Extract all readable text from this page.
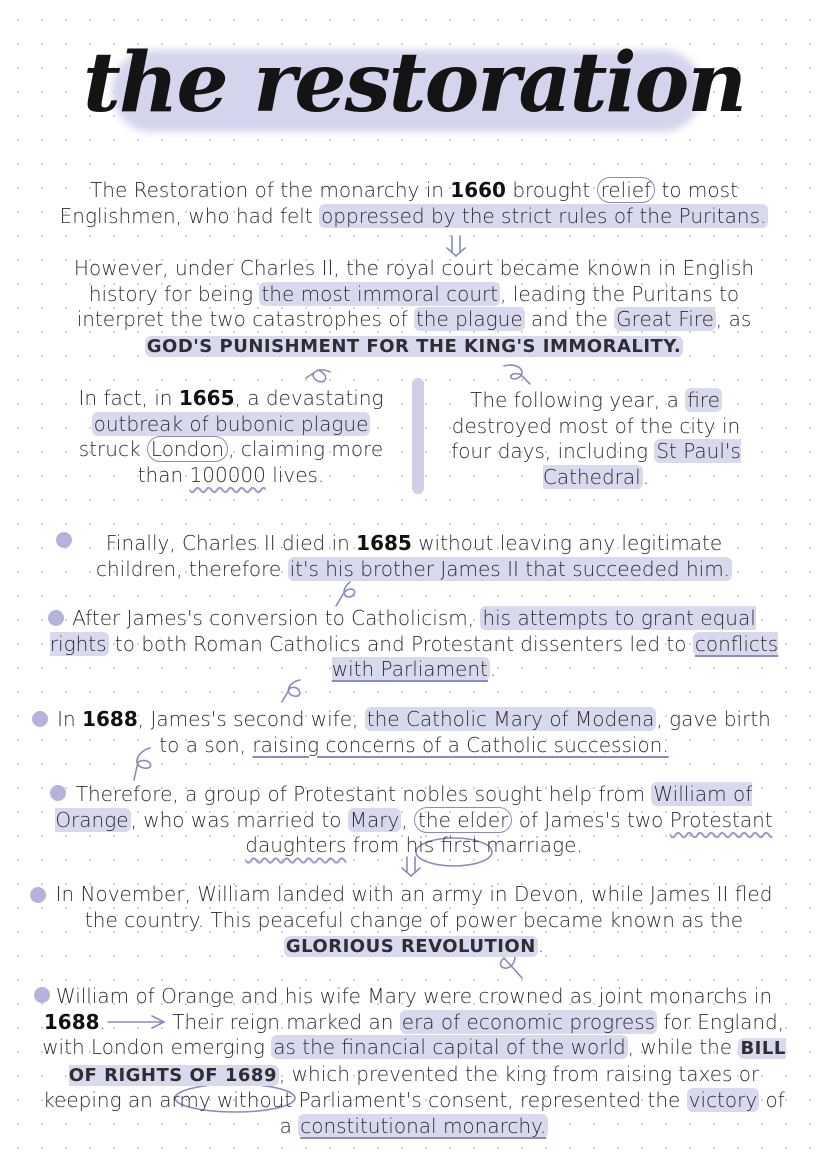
the restoration
The Restoration of the monarchy in 1660 brought relief to most Englishmen, who had felt oppressed by the strict rules of the Puritans.
However, under Charles II, the royal court became known in English history for being the most immoral court , leading the Puritans to interpret the two catastrophes of the plague and the Great Fire , as
GOD'S PUNISHMENT FOR THE KING'S IMMORALITY.
In fact, in 1665, a devastating outbreak of bubonic plague struck London , claiming more than 100000 lives.
The following year, a fire destroyed most of the city in four days, including St Paul's Cathedral .
Finally, Charles II died in 1685 without leaving any legitimate children, therefore it's his brother James II that succeeded him.
After James's conversion to Catholicism, his attempts to grant equal rights to both Roman Catholics and Protestant dissenters led to conflicts with Parliament .
In 1688, James's second wife, the Catholic Mary of Modena , gave birth to a son, raising concerns of a Catholic succession.
Therefore, a group of Protestant nobles sought help from William of Orange , who was married to Mary , the elder of James's two Protestant daughters from his first marriage.
In November, William landed with an army in Devon, while James II fled the country. This peaceful change of power became known as the GLORIOUS REVOLUTION .
William of Orange and his wife Mary were crowned as joint monarchs in 1688.	Their reign marked an era of economic progress for England, with London emerging as the financial capital of the world , while the BILL OF RIGHTS OF 1689 , which prevented the king from raising taxes or keeping an army without Parliament's consent, represented the victory of a constitutional monarchy.
